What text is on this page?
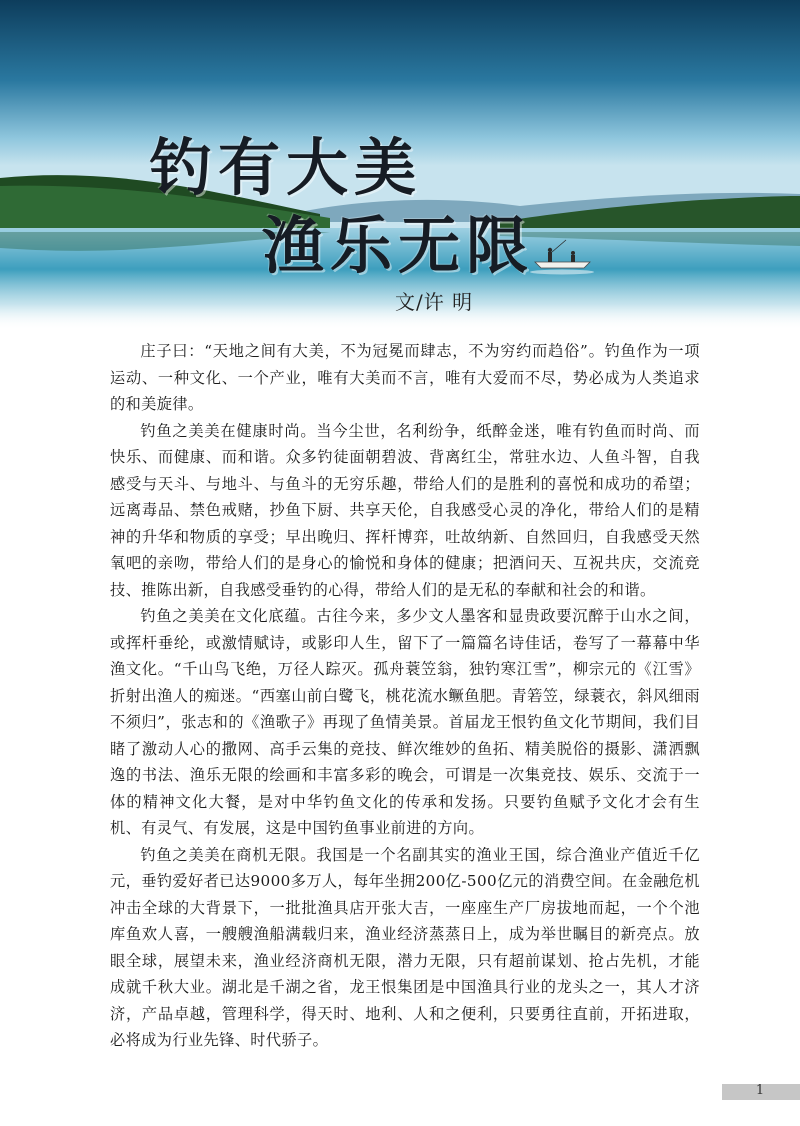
钓有大美
渔乐无限
文/许 明

庄子曰：“天地之间有大美，不为冠冕而肆志，不为穷约而趋俗”。钓鱼作为一项运动、一种文化、一个产业，唯有大美而不言，唯有大爱而不尽，势必成为人类追求的和美旋律。

钓鱼之美美在健康时尚。当今尘世，名利纷争，纸醉金迷，唯有钓鱼而时尚、而快乐、而健康、而和谐。众多钓徒面朝碧波、背离红尘，常驻水边、人鱼斗智，自我感受与天斗、与地斗、与鱼斗的无穷乐趣，带给人们的是胜利的喜悦和成功的希望；远离毒品、禁色戒赌，抄鱼下厨、共享天伦，自我感受心灵的净化，带给人们的是精神的升华和物质的享受；早出晚归、挥杆博弈，吐故纳新、自然回归，自我感受天然氧吧的亲吻，带给人们的是身心的愉悦和身体的健康；把酒问天、互祝共庆，交流竞技、推陈出新，自我感受垂钓的心得，带给人们的是无私的奉献和社会的和谐。

钓鱼之美美在文化底蕴。古往今来，多少文人墨客和显贵政要沉醉于山水之间，或挥杆垂纶，或激情赋诗，或影印人生，留下了一篇篇名诗佳话，卷写了一幕幕中华渔文化。“千山鸟飞绝，万径人踪灭。孤舟蓑笠翁，独钓寒江雪”，柳宗元的《江雪》折射出渔人的痴迷。“西塞山前白鹭飞，桃花流水鳜鱼肥。青箬笠，绿蓑衣，斜风细雨不须归”，张志和的《渔歌子》再现了鱼情美景。首届龙王恨钓鱼文化节期间，我们目睹了激动人心的撒网、高手云集的竞技、鲜次维妙的鱼拓、精美脱俗的摄影、潇洒飘逸的书法、渔乐无限的绘画和丰富多彩的晚会，可谓是一次集竞技、娱乐、交流于一体的精神文化大餐，是对中华钓鱼文化的传承和发扬。只要钓鱼赋予文化才会有生机、有灵气、有发展，这是中国钓鱼事业前进的方向。

钓鱼之美美在商机无限。我国是一个名副其实的渔业王国，综合渔业产值近千亿元，垂钓爱好者已达9000多万人，每年坐拥200亿-500亿元的消费空间。在金融危机冲击全球的大背景下，一批批渔具店开张大吉，一座座生产厂房拔地而起，一个个池库鱼欢人喜，一艘艘渔船满载归来，渔业经济蒸蒸日上，成为举世瞩目的新亮点。放眼全球，展望未来，渔业经济商机无限，潜力无限，只有超前谋划、抢占先机，才能成就千秋大业。湖北是千湖之省，龙王恨集团是中国渔具行业的龙头之一，其人才济济，产品卓越，管理科学，得天时、地利、人和之便利，只要勇往直前，开拓进取，必将成为行业先锋、时代骄子。

1
